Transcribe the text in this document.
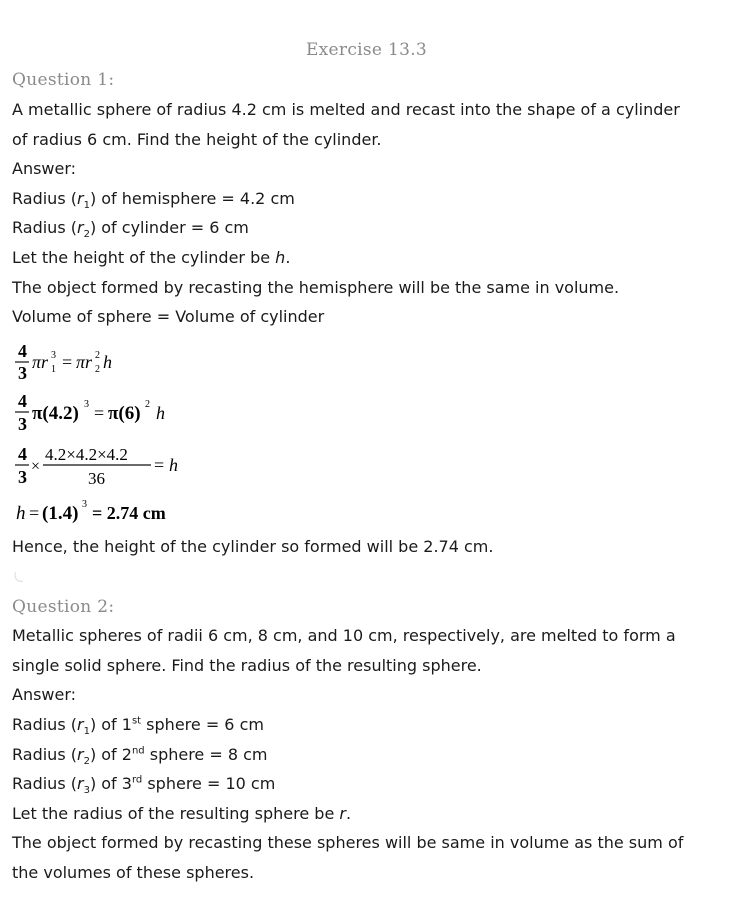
Exercise 13.3
Question 1:
A metallic sphere of radius 4.2 cm is melted and recast into the shape of a cylinder
of radius 6 cm. Find the height of the cylinder.
Answer:
Radius $(r_1)$ of hemisphere = 4.2 cm
Radius $(r_2)$ of cylinder = 6 cm
Let the height of the cylinder be h.
The object formed by recasting the hemisphere will be the same in volume.
Volume of sphere = Volume of cylinder
4
3
πr 3
1 = πr 2
2 h
4
3 π(4.2) 3 = π(6) 2 h
4
3
×
4.2×4.2×4.2
36
= h
h = (1.4) 3 = 2.74 cm
Hence, the height of the cylinder so formed will be 2.74 cm.
Question 2:
Metallic spheres of radii 6 cm, 8 cm, and 10 cm, respectively, are melted to form a
single solid sphere. Find the radius of the resulting sphere.
Answer:
Radius $(r_1)$ of 1st sphere = 6 cm
Radius $(r_2)$ of 2nd sphere = 8 cm
Radius $(r_3)$ of 3rd sphere = 10 cm
Let the radius of the resulting sphere be r.
The object formed by recasting these spheres will be same in volume as the sum of
the volumes of these spheres.
